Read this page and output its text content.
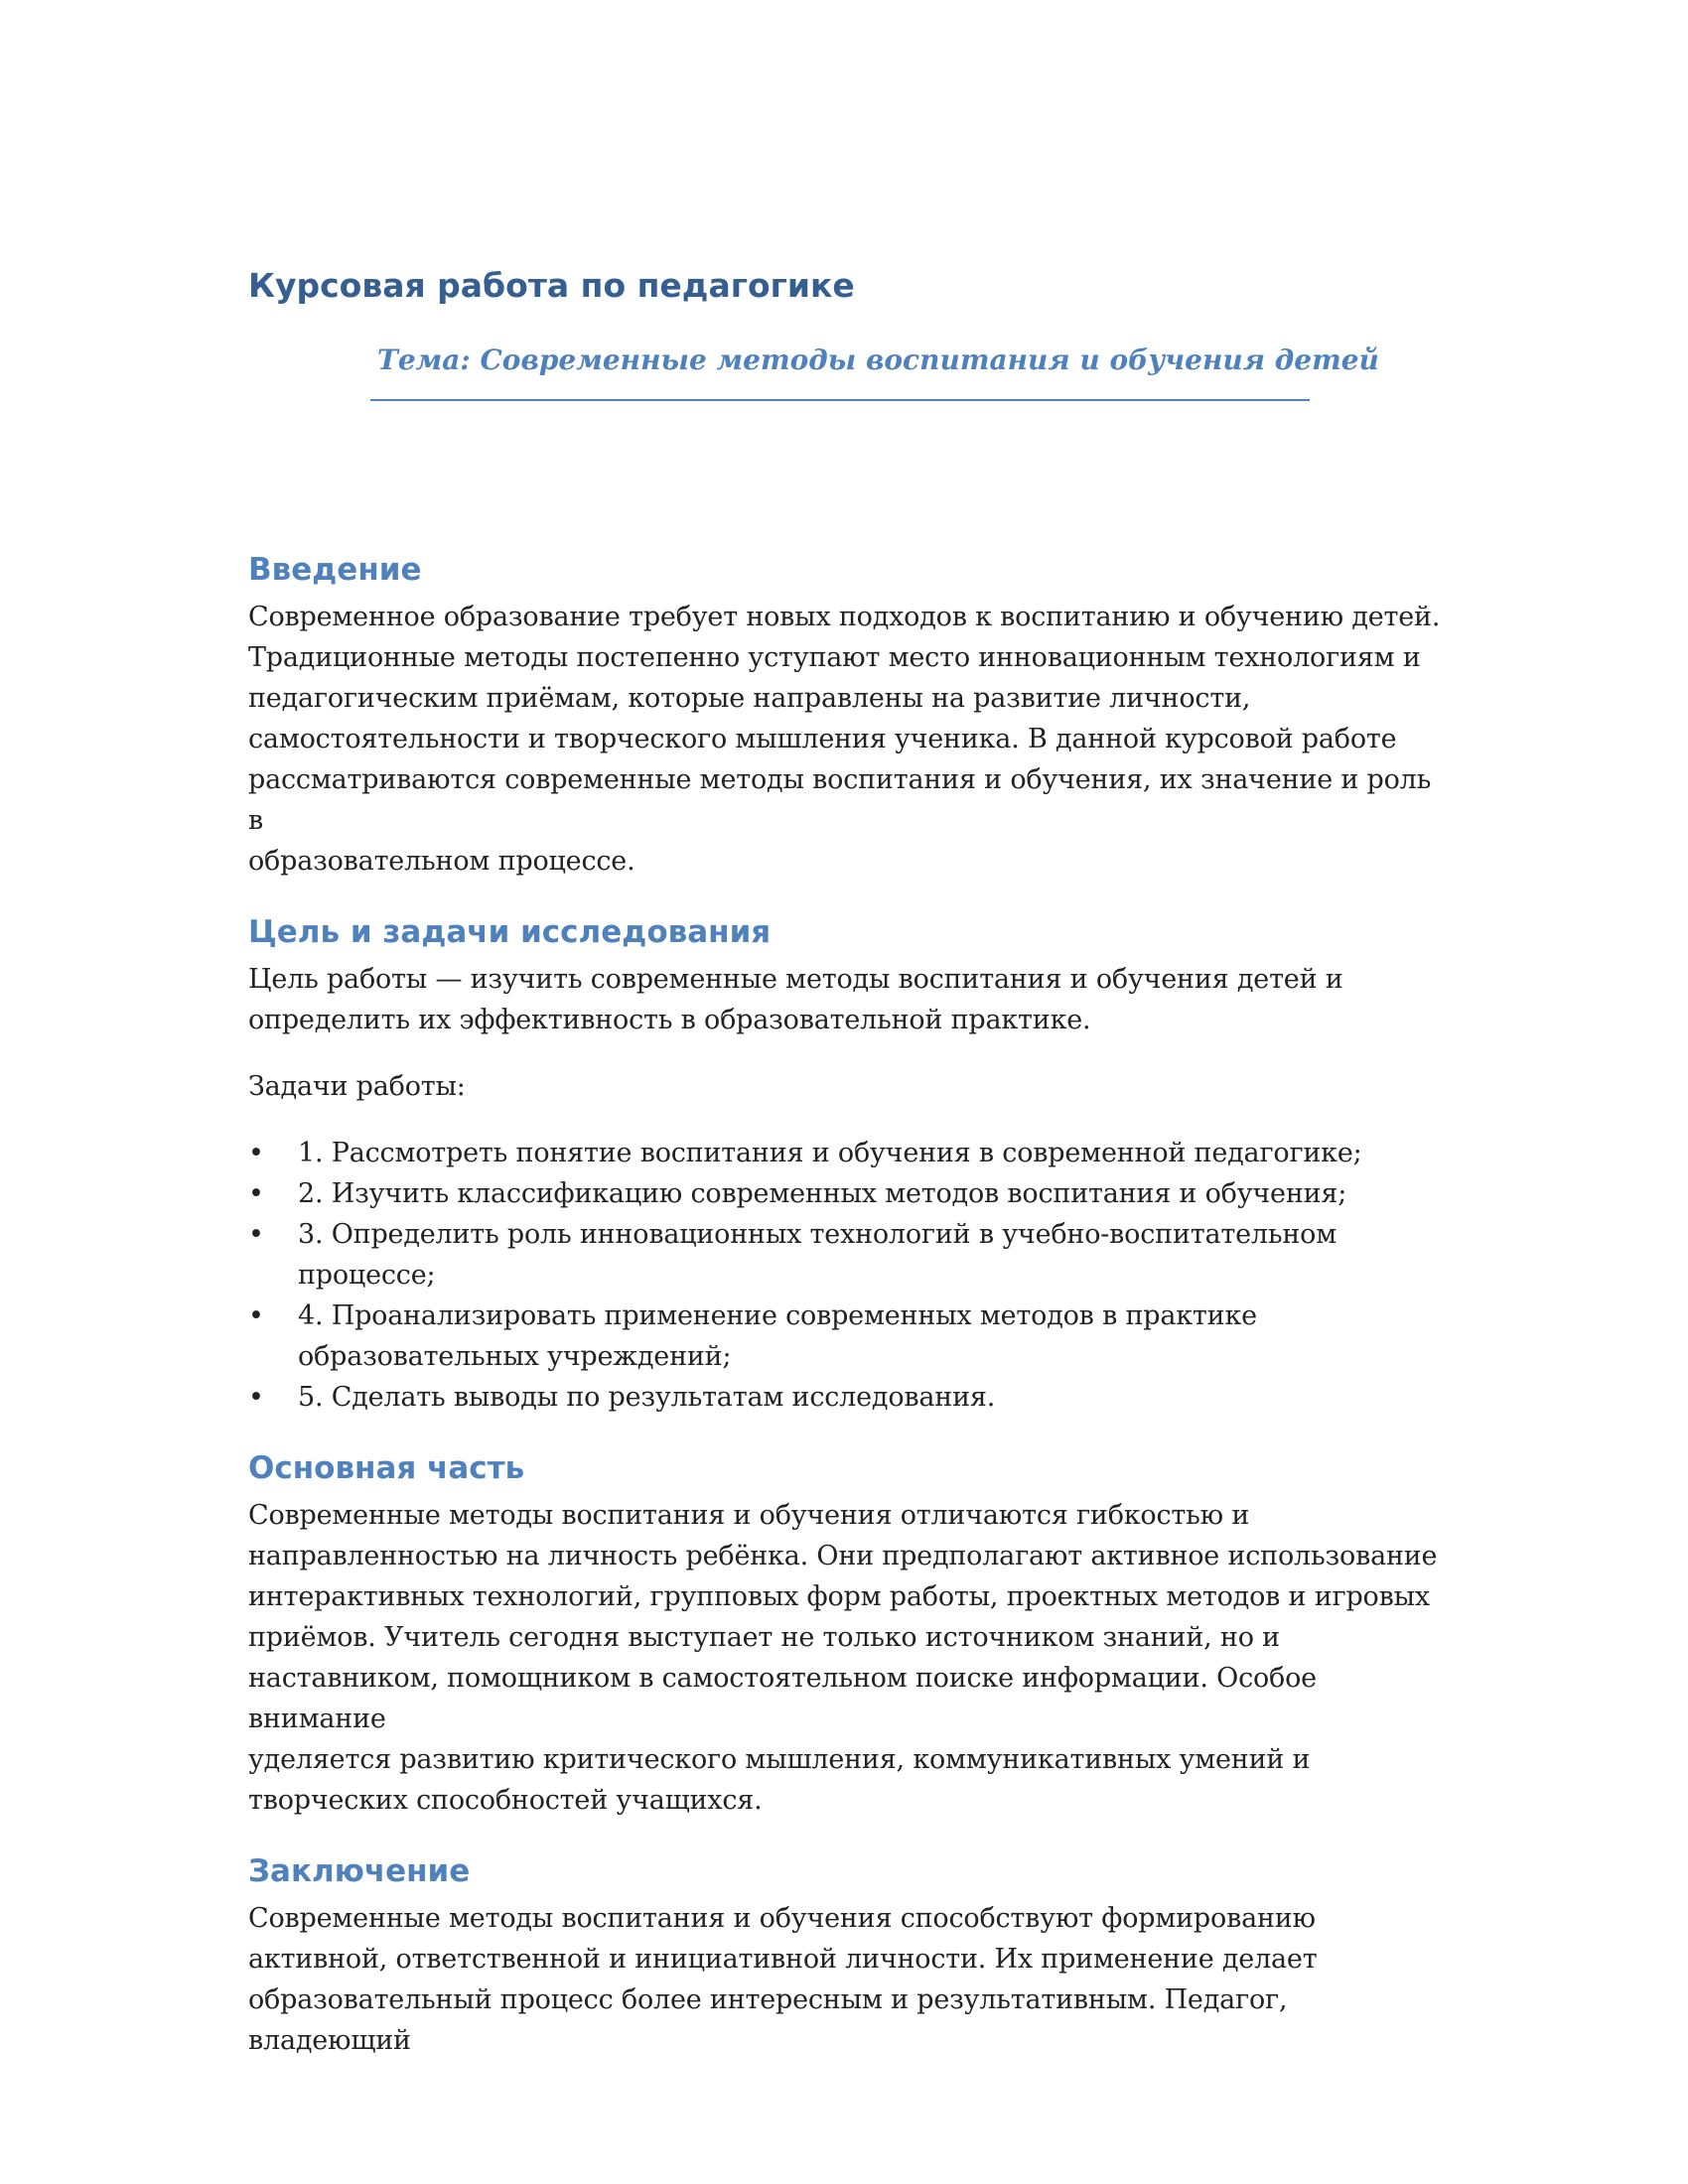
Курсовая работа по педагогике
Тема: Современные методы воспитания и обучения детей
Введение

Современное образование требует новых подходов к воспитанию и обучению детей.
Традиционные методы постепенно уступают место инновационным технологиям и
педагогическим приёмам, которые направлены на развитие личности,
самостоятельности и творческого мышления ученика. В данной курсовой работе
рассматриваются современные методы воспитания и обучения, их значение и роль в
образовательном процессе.

Цель и задачи исследования

Цель работы — изучить современные методы воспитания и обучения детей и
определить их эффективность в образовательной практике.

Задачи работы:

• 1. Рассмотреть понятие воспитания и обучения в современной педагогике;
• 2. Изучить классификацию современных методов воспитания и обучения;
• 3. Определить роль инновационных технологий в учебно-воспитательном
процессе;
• 4. Проанализировать применение современных методов в практике
образовательных учреждений;
• 5. Сделать выводы по результатам исследования.
Основная часть

Современные методы воспитания и обучения отличаются гибкостью и
направленностью на личность ребёнка. Они предполагают активное использование
интерактивных технологий, групповых форм работы, проектных методов и игровых
приёмов. Учитель сегодня выступает не только источником знаний, но и
наставником, помощником в самостоятельном поиске информации. Особое внимание
уделяется развитию критического мышления, коммуникативных умений и
творческих способностей учащихся.

Заключение

Современные методы воспитания и обучения способствуют формированию
активной, ответственной и инициативной личности. Их применение делает
образовательный процесс более интересным и результативным. Педагог, владеющий
